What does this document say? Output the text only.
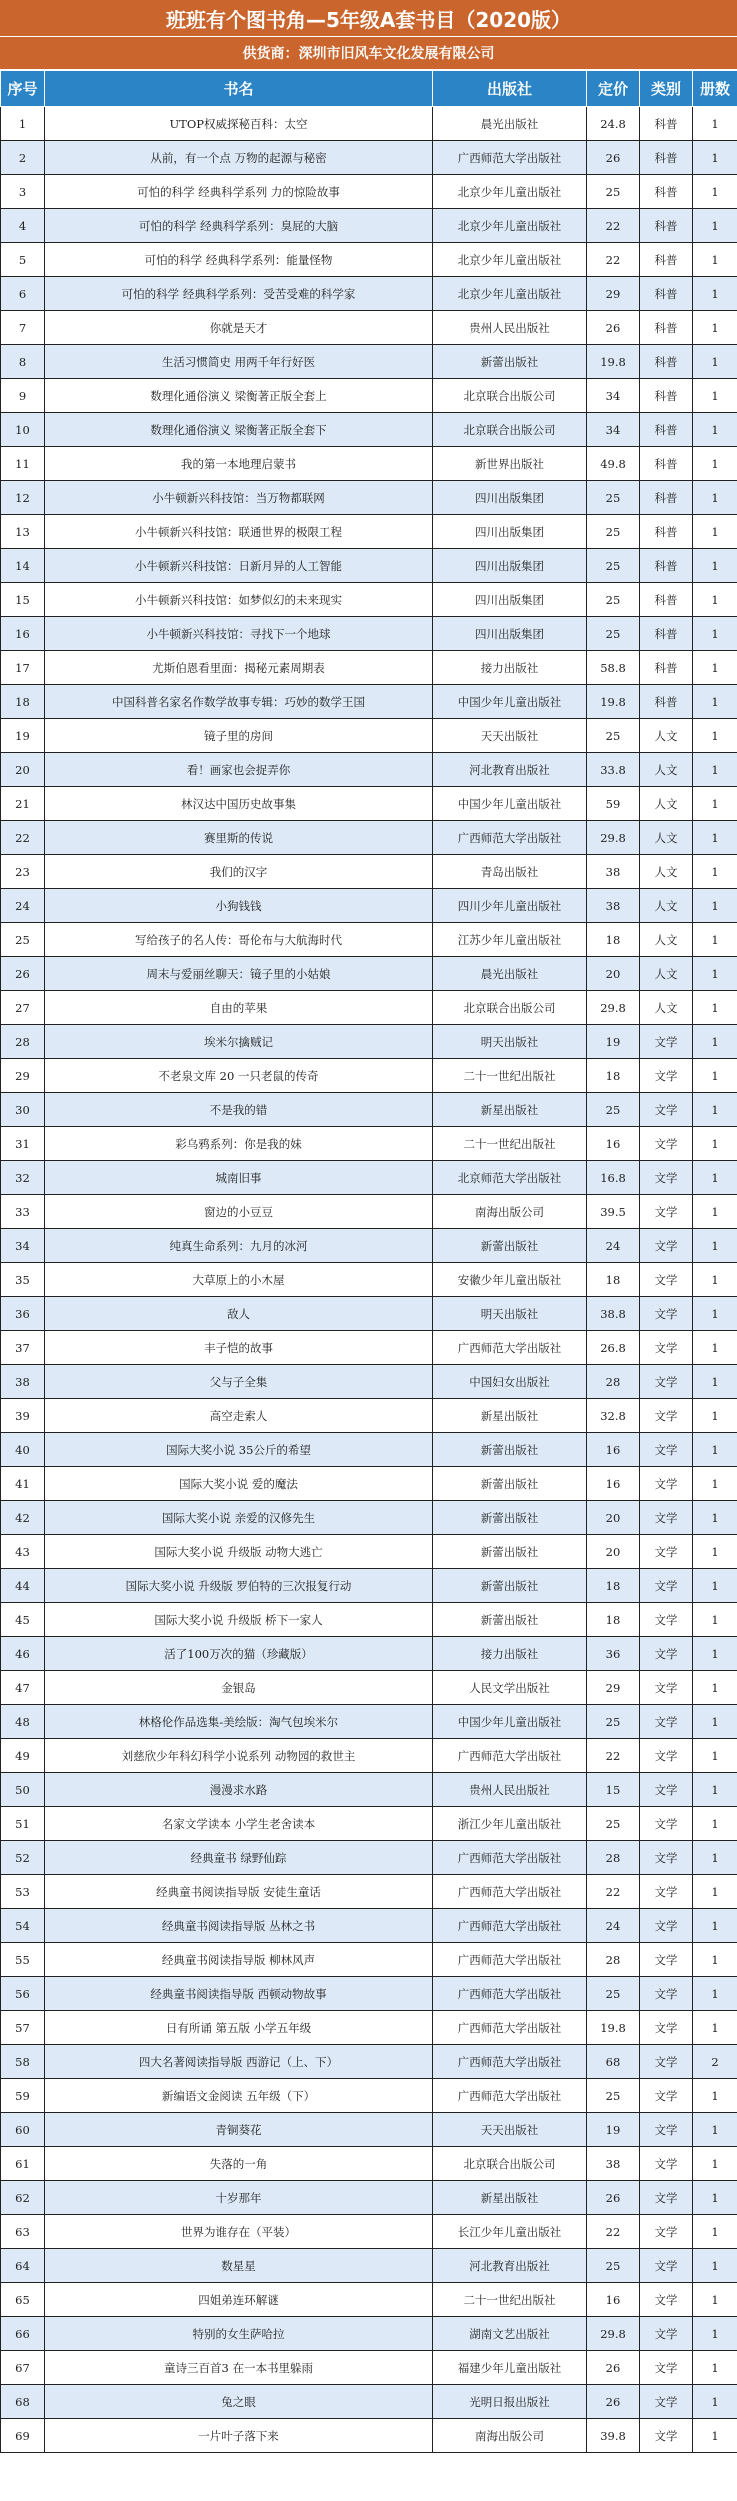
班班有个图书角—5年级A套书目（2020版）
供货商：深圳市旧风车文化发展有限公司
序号	书名	出版社	定价	类别	册数
1	UTOP权威探秘百科：太空	晨光出版社	24.8	科普	1
2	从前，有一个点 万物的起源与秘密	广西师范大学出版社	26	科普	1
3	可怕的科学 经典科学系列 力的惊险故事	北京少年儿童出版社	25	科普	1
4	可怕的科学 经典科学系列：臭屁的大脑	北京少年儿童出版社	22	科普	1
5	可怕的科学 经典科学系列：能量怪物	北京少年儿童出版社	22	科普	1
6	可怕的科学 经典科学系列：受苦受难的科学家	北京少年儿童出版社	29	科普	1
7	你就是天才	贵州人民出版社	26	科普	1
8	生活习惯简史 用两千年行好医	新蕾出版社	19.8	科普	1
9	数理化通俗演义 梁衡著正版全套上	北京联合出版公司	34	科普	1
10	数理化通俗演义 梁衡著正版全套下	北京联合出版公司	34	科普	1
11	我的第一本地理启蒙书	新世界出版社	49.8	科普	1
12	小牛顿新兴科技馆：当万物都联网	四川出版集团	25	科普	1
13	小牛顿新兴科技馆：联通世界的极限工程	四川出版集团	25	科普	1
14	小牛顿新兴科技馆：日新月异的人工智能	四川出版集团	25	科普	1
15	小牛顿新兴科技馆：如梦似幻的未来现实	四川出版集团	25	科普	1
16	小牛顿新兴科技馆：寻找下一个地球	四川出版集团	25	科普	1
17	尤斯伯恩看里面：揭秘元素周期表	接力出版社	58.8	科普	1
18	中国科普名家名作数学故事专辑：巧妙的数学王国	中国少年儿童出版社	19.8	科普	1
19	镜子里的房间	天天出版社	25	人文	1
20	看！画家也会捉弄你	河北教育出版社	33.8	人文	1
21	林汉达中国历史故事集	中国少年儿童出版社	59	人文	1
22	赛里斯的传说	广西师范大学出版社	29.8	人文	1
23	我们的汉字	青岛出版社	38	人文	1
24	小狗钱钱	四川少年儿童出版社	38	人文	1
25	写给孩子的名人传：哥伦布与大航海时代	江苏少年儿童出版社	18	人文	1
26	周末与爱丽丝聊天：镜子里的小姑娘	晨光出版社	20	人文	1
27	自由的苹果	北京联合出版公司	29.8	人文	1
28	埃米尔擒贼记	明天出版社	19	文学	1
29	不老泉文库 20 一只老鼠的传奇	二十一世纪出版社	18	文学	1
30	不是我的错	新星出版社	25	文学	1
31	彩乌鸦系列：你是我的妹	二十一世纪出版社	16	文学	1
32	城南旧事	北京师范大学出版社	16.8	文学	1
33	窗边的小豆豆	南海出版公司	39.5	文学	1
34	纯真生命系列：九月的冰河	新蕾出版社	24	文学	1
35	大草原上的小木屋	安徽少年儿童出版社	18	文学	1
36	敌人	明天出版社	38.8	文学	1
37	丰子恺的故事	广西师范大学出版社	26.8	文学	1
38	父与子全集	中国妇女出版社	28	文学	1
39	高空走索人	新星出版社	32.8	文学	1
40	国际大奖小说 35公斤的希望	新蕾出版社	16	文学	1
41	国际大奖小说 爱的魔法	新蕾出版社	16	文学	1
42	国际大奖小说 亲爱的汉修先生	新蕾出版社	20	文学	1
43	国际大奖小说 升级版 动物大逃亡	新蕾出版社	20	文学	1
44	国际大奖小说 升级版 罗伯特的三次报复行动	新蕾出版社	18	文学	1
45	国际大奖小说 升级版 桥下一家人	新蕾出版社	18	文学	1
46	活了100万次的猫（珍藏版）	接力出版社	36	文学	1
47	金银岛	人民文学出版社	29	文学	1
48	林格伦作品选集-美绘版：淘气包埃米尔	中国少年儿童出版社	25	文学	1
49	刘慈欣少年科幻科学小说系列 动物园的救世主	广西师范大学出版社	22	文学	1
50	漫漫求水路	贵州人民出版社	15	文学	1
51	名家文学读本 小学生老舍读本	浙江少年儿童出版社	25	文学	1
52	经典童书 绿野仙踪	广西师范大学出版社	28	文学	1
53	经典童书阅读指导版 安徒生童话	广西师范大学出版社	22	文学	1
54	经典童书阅读指导版 丛林之书	广西师范大学出版社	24	文学	1
55	经典童书阅读指导版 柳林风声	广西师范大学出版社	28	文学	1
56	经典童书阅读指导版 西顿动物故事	广西师范大学出版社	25	文学	1
57	日有所诵 第五版 小学五年级	广西师范大学出版社	19.8	文学	1
58	四大名著阅读指导版 西游记（上、下）	广西师范大学出版社	68	文学	2
59	新编语文金阅读 五年级（下）	广西师范大学出版社	25	文学	1
60	青铜葵花	天天出版社	19	文学	1
61	失落的一角	北京联合出版公司	38	文学	1
62	十岁那年	新星出版社	26	文学	1
63	世界为谁存在（平装）	长江少年儿童出版社	22	文学	1
64	数星星	河北教育出版社	25	文学	1
65	四姐弟连环解谜	二十一世纪出版社	16	文学	1
66	特别的女生萨哈拉	湖南文艺出版社	29.8	文学	1
67	童诗三百首3 在一本书里躲雨	福建少年儿童出版社	26	文学	1
68	兔之眼	光明日报出版社	26	文学	1
69	一片叶子落下来	南海出版公司	39.8	文学	1
